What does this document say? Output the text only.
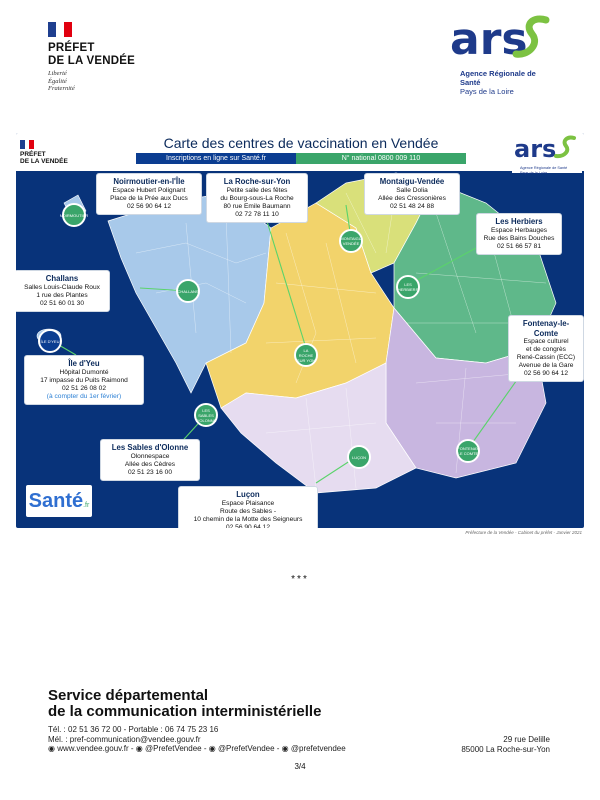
PRÉFET
DE LA VENDÉE
Liberté
Égalité
Fraternité
ars
Agence Régionale de Santé
Pays de la Loire
PRÉFET
DE LA VENDÉE
Carte des centres de vaccination en Vendée
Inscriptions en ligne sur Santé.fr	N° national 0800 009 110	ars
Agence Régionale de Santé
Pays de la Loire
NOIRMOUTIER
CHALLANS
ÎLE D'YEU
LA ROCHE SUR YON
MONTAIGU VENDÉE
LES HERBIERS
LES SABLES D'OLONNE
LUÇON
FONTENAY LE COMTE
Noirmoutier-en-l'Île
Espace Hubert Polignant
Place de la Prée aux Ducs
02 56 90 64 12
La Roche-sur-Yon
Petite salle des fêtes
du Bourg-sous-La Roche
80 rue Emile Baumann
02 72 78 11 10
Montaigu-Vendée
Salle Dolia
Allée des Cressonières
02 51 48 24 88
Les Herbiers
Espace Herbauges
Rue des Bains Douches
02 51 66 57 81
Challans
Salles Louis-Claude Roux
1 rue des Plantes
02 51 60 01 30
Fontenay-le-Comte
Espace culturel
et de congrès
René-Cassin (ECC)
Avenue de la Gare
02 56 90 64 12
Île d'Yeu
Hôpital Dumonté
17 impasse du Puits Raimond
02 51 26 08 02
(à compter du 1er février)
Les Sables d'Olonne
Olonnespace
Allée des Cèdres
02 51 23 16 00
Luçon
Espace Plaisance
Route des Sables -
10 chemin de la Motte des Seigneurs
02 56 90 64 12
Santé.fr
Préfecture de la Vendée - Cabinet du préfet - Janvier 2021
***
Service départemental
de la communication interministérielle
Tél. : 02 51 36 72 00 - Portable : 06 74 75 23 16
Mél. : pref-communication@vendee.gouv.fr
◉ www.vendee.gouv.fr - ◉ @PrefetVendee - ◉ @PrefetVendee - ◉ @prefetvendee
29 rue Delille
85000 La Roche-sur-Yon
3/4
